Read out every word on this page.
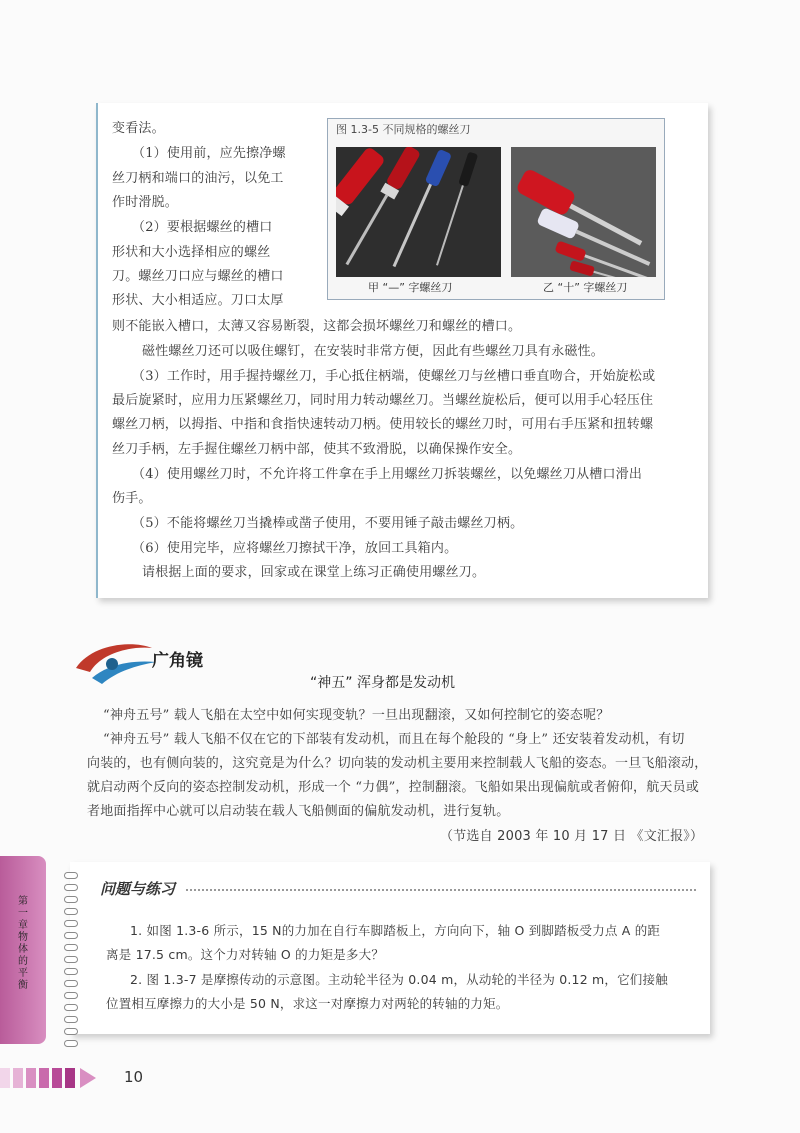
变看法。
（1）使用前，应先擦净螺
丝刀柄和端口的油污，以免工
作时滑脱。
（2）要根据螺丝的槽口
形状和大小选择相应的螺丝
刀。螺丝刀口应与螺丝的槽口
形状、大小相适应。刀口太厚
则不能嵌入槽口，太薄又容易断裂，这都会损坏螺丝刀和螺丝的槽口。
磁性螺丝刀还可以吸住螺钉，在安装时非常方便，因此有些螺丝刀具有永磁性。
（3）工作时，用手握持螺丝刀，手心抵住柄端，使螺丝刀与丝槽口垂直吻合，开始旋松或
最后旋紧时，应用力压紧螺丝刀，同时用力转动螺丝刀。当螺丝旋松后，便可以用手心轻压住
螺丝刀柄，以拇指、中指和食指快速转动刀柄。使用较长的螺丝刀时，可用右手压紧和扭转螺
丝刀手柄，左手握住螺丝刀柄中部，使其不致滑脱，以确保操作安全。
（4）使用螺丝刀时，不允许将工件拿在手上用螺丝刀拆装螺丝，以免螺丝刀从槽口滑出
伤手。
（5）不能将螺丝刀当撬棒或凿子使用，不要用锤子敲击螺丝刀柄。
（6）使用完毕，应将螺丝刀擦拭干净，放回工具箱内。
请根据上面的要求，回家或在课堂上练习正确使用螺丝刀。
图 1.3-5 不同规格的螺丝刀
甲 “—” 字螺丝刀	乙 “十” 字螺丝刀
广角镜
“神五” 浑身都是发动机
“神舟五号” 载人飞船在太空中如何实现变轨？一旦出现翻滚，又如何控制它的姿态呢？
“神舟五号” 载人飞船不仅在它的下部装有发动机，而且在每个舱段的 “身上” 还安装着发动机，有切
向装的，也有侧向装的，这究竟是为什么？切向装的发动机主要用来控制载人飞船的姿态。一旦飞船滚动，
就启动两个反向的姿态控制发动机，形成一个 “力偶”，控制翻滚。飞船如果出现偏航或者俯仰，航天员或
者地面指挥中心就可以启动装在载人飞船侧面的偏航发动机，进行复轨。
（节选自 2003 年 10 月 17 日 《文汇报》）
第一章 物体的平衡
问题与练习
1. 如图 1.3-6 所示，15 N的力加在自行车脚踏板上，方向向下，轴 O 到脚踏板受力点 A 的距
离是 17.5 cm。这个力对转轴 O 的力矩是多大？
2. 图 1.3-7 是摩擦传动的示意图。主动轮半径为 0.04 m，从动轮的半径为 0.12 m，它们接触
位置相互摩擦力的大小是 50 N，求这一对摩擦力对两轮的转轴的力矩。
10
